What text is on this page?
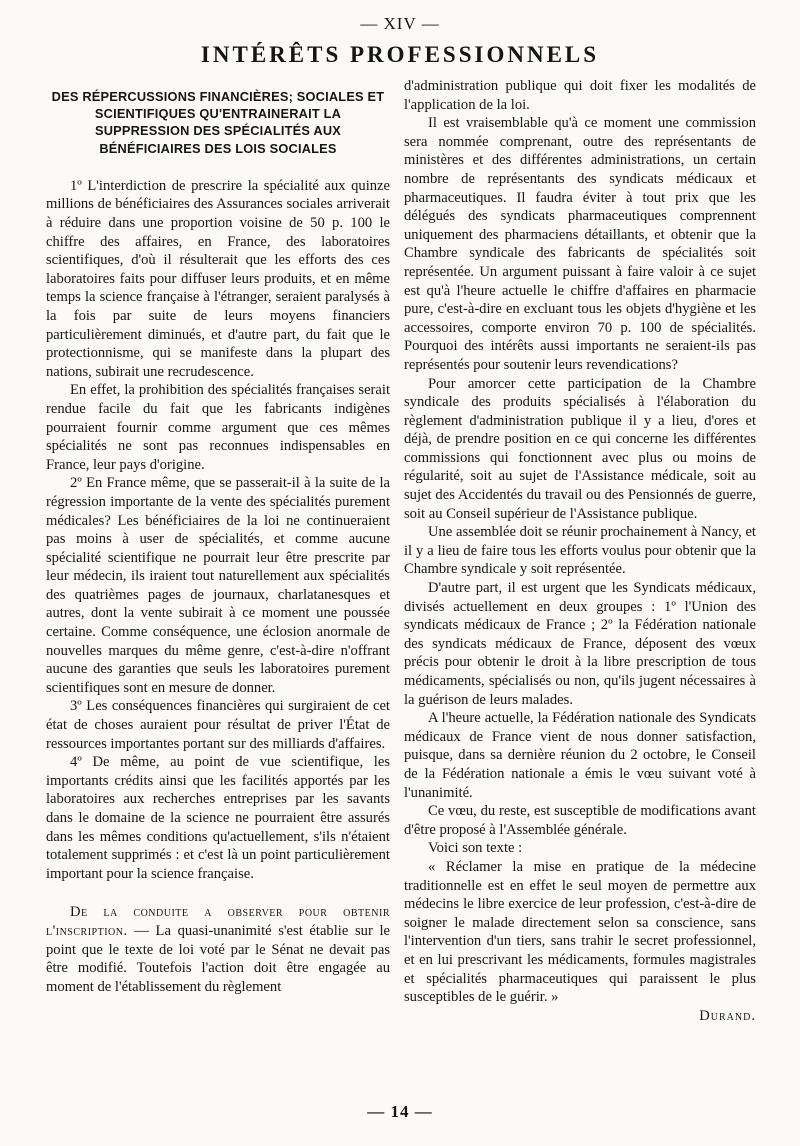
— XIV —
INTÉRÊTS PROFESSIONNELS
DES RÉPERCUSSIONS FINANCIÈRES; SOCIALES ET SCIENTIFIQUES QU'ENTRAINERAIT LA SUPPRESSION DES SPÉCIALITÉS AUX BÉNÉFICIAIRES DES LOIS SOCIALES

1º L'interdiction de prescrire la spécialité aux quinze millions de bénéficiaires des Assurances sociales arriverait à réduire dans une proportion voisine de 50 p. 100 le chiffre des affaires, en France, des laboratoires scientifiques, d'où il résulterait que les efforts des ces laboratoires faits pour diffuser leurs produits, et en même temps la science française à l'étranger, seraient paralysés à la fois par suite de leurs moyens financiers particulièrement diminués, et d'autre part, du fait que le protectionnisme, qui se manifeste dans la plupart des nations, subirait une recrudescence.

En effet, la prohibition des spécialités françaises serait rendue facile du fait que les fabricants indigènes pourraient fournir comme argument que ces mêmes spécialités ne sont pas reconnues indispensables en France, leur pays d'origine.

2º En France même, que se passerait-il à la suite de la régression importante de la vente des spécialités purement médicales? Les bénéficiaires de la loi ne continueraient pas moins à user de spécialités, et comme aucune spécialité scientifique ne pourrait leur être prescrite par leur médecin, ils iraient tout naturellement aux spécialités des quatrièmes pages de journaux, charlatanesques et autres, dont la vente subirait à ce moment une poussée certaine. Comme conséquence, une éclosion anormale de nouvelles marques du même genre, c'est-à-dire n'offrant aucune des garanties que seuls les laboratoires purement scientifiques sont en mesure de donner.

3º Les conséquences financières qui surgiraient de cet état de choses auraient pour résultat de priver l'État de ressources importantes portant sur des milliards d'affaires.

4º De même, au point de vue scientifique, les importants crédits ainsi que les facilités apportés par les laboratoires aux recherches entreprises par les savants dans le domaine de la science ne pourraient être assurés dans les mêmes conditions qu'actuellement, s'ils n'étaient totalement supprimés : et c'est là un point particulièrement important pour la science française.

De la conduite a observer pour obtenir l'inscription. — La quasi-unanimité s'est établie sur le point que le texte de loi voté par le Sénat ne devait pas être modifié. Toutefois l'action doit être engagée au moment de l'établissement du règlement

d'administration publique qui doit fixer les modalités de l'application de la loi.

Il est vraisemblable qu'à ce moment une commission sera nommée comprenant, outre des représentants de ministères et des différentes administrations, un certain nombre de représentants des syndicats médicaux et pharmaceutiques. Il faudra éviter à tout prix que les délégués des syndicats pharmaceutiques comprennent uniquement des pharmaciens détaillants, et obtenir que la Chambre syndicale des fabricants de spécialités soit représentée. Un argument puissant à faire valoir à ce sujet est qu'à l'heure actuelle le chiffre d'affaires en pharmacie pure, c'est-à-dire en excluant tous les objets d'hygiène et les accessoires, comporte environ 70 p. 100 de spécialités. Pourquoi des intérêts aussi importants ne seraient-ils pas représentés pour soutenir leurs revendications?

Pour amorcer cette participation de la Chambre syndicale des produits spécialisés à l'élaboration du règlement d'administration publique il y a lieu, d'ores et déjà, de prendre position en ce qui concerne les différentes commissions qui fonctionnent avec plus ou moins de régularité, soit au sujet de l'Assistance médicale, soit au sujet des Accidentés du travail ou des Pensionnés de guerre, soit au Conseil supérieur de l'Assistance publique.

Une assemblée doit se réunir prochainement à Nancy, et il y a lieu de faire tous les efforts voulus pour obtenir que la Chambre syndicale y soit représentée.

D'autre part, il est urgent que les Syndicats médicaux, divisés actuellement en deux groupes : 1º l'Union des syndicats médicaux de France ; 2º la Fédération nationale des syndicats médicaux de France, déposent des vœux précis pour obtenir le droit à la libre prescription de tous médicaments, spécialisés ou non, qu'ils jugent nécessaires à la guérison de leurs malades.

A l'heure actuelle, la Fédération nationale des Syndicats médicaux de France vient de nous donner satisfaction, puisque, dans sa dernière réunion du 2 octobre, le Conseil de la Fédération nationale a émis le vœu suivant voté à l'unanimité.

Ce vœu, du reste, est susceptible de modifications avant d'être proposé à l'Assemblée générale.

Voici son texte :

« Réclamer la mise en pratique de la médecine traditionnelle est en effet le seul moyen de permettre aux médecins le libre exercice de leur profession, c'est-à-dire de soigner le malade directement selon sa conscience, sans l'intervention d'un tiers, sans trahir le secret professionnel, et en lui prescrivant les médicaments, formules magistrales et spécialités pharmaceutiques qui paraissent le plus susceptibles de le guérir. »

Durand.

— 14 —
